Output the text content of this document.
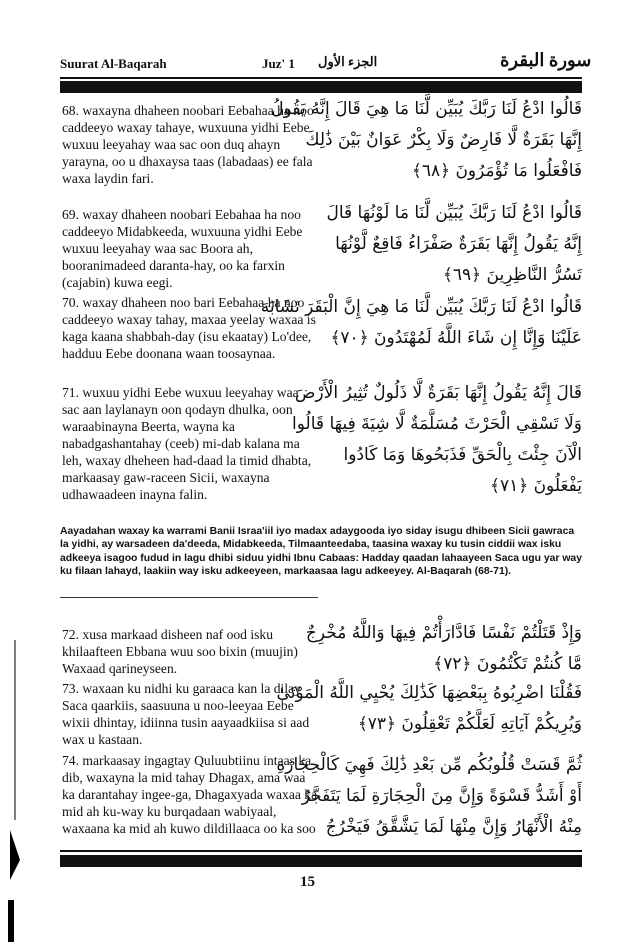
Suurat Al-Baqarah	Juz' 1 الجزء الأول	سورة البقرة

68. waxayna dhaheen noobari Eebahaa ha noo caddeeyo waxay tahaye, wuxuuna yidhi Eebe wuxuu leeyahay waa sac oon duq ahayn yarayna, oo u dhaxaysa taas (labadaas) ee fala waxa laydin fari.

قَالُوا ادْعُ لَنَا رَبَّكَ يُبَيِّن لَّنَا مَا هِيَ قَالَ إِنَّهُ يَقُولُ
إِنَّهَا بَقَرَةٌ لَّا فَارِضٌ وَلَا بِكْرٌ عَوَانٌ بَيْنَ ذَٰلِكَ
فَافْعَلُوا مَا تُؤْمَرُونَ ﴿٦٨﴾

69. waxay dhaheen noobari Eebahaa ha noo caddeeyo Midabkeeda, wuxuuna yidhi Eebe wuxuu leeyahay waa sac Boora ah, booranimadeed daranta-hay, oo ka farxin (cajabin) kuwa eegi.

قَالُوا ادْعُ لَنَا رَبَّكَ يُبَيِّن لَّنَا مَا لَوْنُهَا قَالَ
إِنَّهُ يَقُولُ إِنَّهَا بَقَرَةٌ صَفْرَاءُ فَاقِعٌ لَّوْنُهَا
تَسُرُّ النَّاظِرِينَ ﴿٦٩﴾

70. waxay dhaheen noo bari Eebahaa ha noo caddeeyo waxay tahay, maxaa yeelay waxaa is kaga kaana shabbah-day (isu ekaatay) Lo'dee, hadduu Eebe doonana waan toosaynaa.

قَالُوا ادْعُ لَنَا رَبَّكَ يُبَيِّن لَّنَا مَا هِيَ إِنَّ الْبَقَرَ تَشَابَهَ
عَلَيْنَا وَإِنَّا إِن شَاءَ اللَّهُ لَمُهْتَدُونَ ﴿٧٠﴾

71. wuxuu yidhi Eebe wuxuu leeyahay waa sac aan laylanayn oon qodayn dhulka, oon waraabinayna Beerta, wayna ka nabadgashantahay (ceeb) mi-dab kalana ma leh, waxay dheheen had-daad la timid dhabta, markaasay gaw-raceen Sicii, waxayna udhawaadeen inayna falin.

قَالَ إِنَّهُ يَقُولُ إِنَّهَا بَقَرَةٌ لَّا ذَلُولٌ تُثِيرُ الْأَرْضَ
وَلَا تَسْقِي الْحَرْثَ مُسَلَّمَةٌ لَّا شِيَةَ فِيهَا قَالُوا
الْآنَ جِئْتَ بِالْحَقِّ فَذَبَحُوهَا وَمَا كَادُوا
يَفْعَلُونَ ﴿٧١﴾

Aayadahan waxay ka warrami Banii Israa'iil iyo madax adaygooda iyo siday isugu dhibeen Sicii gawraca la yidhi, ay warsadeen da'deeda, Midabkeeda, Tilmaanteedaba, taasina waxay ku tusin ciddii wax isku adkeeya isagoo fudud in lagu dhibi siduu yidhi Ibnu Cabaas: Hadday qaadan lahaayeen Saca ugu yar way ku filaan lahayd, laakiin way isku adkeeyeen, markaasaa lagu adkeeyey. Al-Baqarah (68-71).

72. xusa markaad disheen naf ood isku khilaafteen Ebbana wuu soo bixin (muujin) Waxaad qarineyseen.

وَإِذْ قَتَلْتُمْ نَفْسًا فَادَّارَأْتُمْ فِيهَا وَاللَّهُ مُخْرِجٌ
مَّا كُنتُمْ تَكْتُمُونَ ﴿٧٢﴾

73. waxaan ku nidhi ku garaaca kan la dilay Saca qaarkiis, saasuuna u noo-leeyaa Eebe wixii dhintay, idiinna tusin aayaadkiisa si aad wax u kastaan.

فَقُلْنَا اضْرِبُوهُ بِبَعْضِهَا كَذَٰلِكَ يُحْيِي اللَّهُ الْمَوْتَىٰ
وَيُرِيكُمْ آيَاتِهِ لَعَلَّكُمْ تَعْقِلُونَ ﴿٧٣﴾

74. markaasay ingagtay Quluubtiinu intaas ka dib, waxayna la mid tahay Dhagax, ama waa ka darantahay ingee-ga, Dhagaxyada waxaa ka mid ah ku-way ku burqadaan wabiyaal, waxaana ka mid ah kuwo dildillaaca oo ka soo

ثُمَّ قَسَتْ قُلُوبُكُم مِّن بَعْدِ ذَٰلِكَ فَهِيَ كَالْحِجَارَةِ
أَوْ أَشَدُّ قَسْوَةً وَإِنَّ مِنَ الْحِجَارَةِ لَمَا يَتَفَجَّرُ
مِنْهُ الْأَنْهَارُ وَإِنَّ مِنْهَا لَمَا يَشَّقَّقُ فَيَخْرُجُ
15
